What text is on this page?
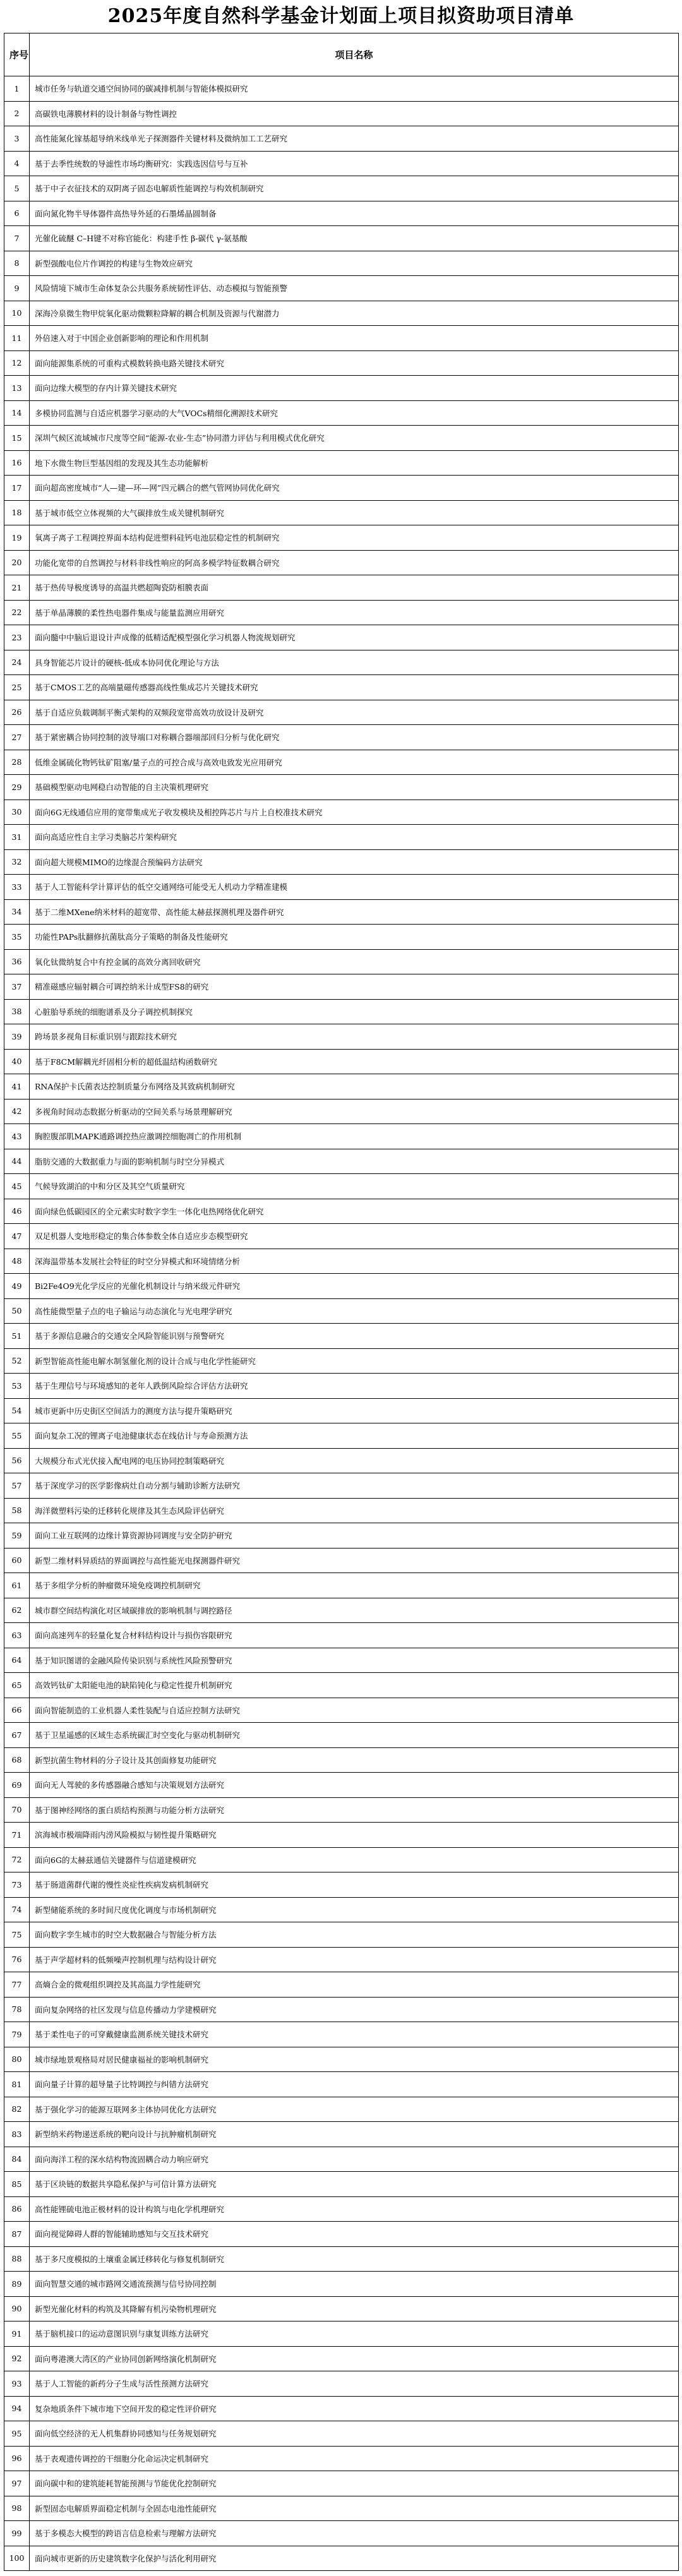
2025年度自然科学基金计划面上项目拟资助项目清单
序号	项目名称
1	城市任务与轨道交通空间协同的碳减排机制与智能体模拟研究
2	高碳铁电薄膜材料的设计制备与物性调控
3	高性能氮化镓基超导纳米线单光子探测器件关键材料及微纳加工工艺研究
4	基于去季性统数的导滤性市场均衡研究：实践选因信号与互补
5	基于中子衣征技术的双阴离子固态电解质性能调控与构效机制研究
6	面向氮化物半导体器件高热导外延的石墨烯晶圆制备
7	光催化硫醚 C–H键不对称官能化：构建手性 β-碳代 γ-氨基酸
8	新型强酸电位片作调控的构建与生物效应研究
9	风险情境下城市生命体复杂公共服务系统韧性评估、动态模拟与智能预警
10	深海冷泉微生物甲烷氧化驱动微颗粒降解的耦合机制及资源与代谢潜力
11	外倍速入对于中国企业创新影响的理论和作用机制
12	面向能源集系统的可重构式模数转换电路关键技术研究
13	面向边缘大模型的存内计算关键技术研究
14	多模协同监测与自适应机器学习驱动的大气VOCs精细化溯源技术研究
15	深圳气候区流域城市尺度等空间“能源-农业-生态”协同潜力评估与利用模式优化研究
16	地下水微生物巨型基因组的发现及其生态功能解析
17	面向超高密度城市“人—建—环—网”四元耦合的燃气管网协同优化研究
18	基于城市低空立体视频的大气碳排放生成关键机制研究
19	氧离子离子工程调控界面本结构促进塑料硅钙电池层稳定性的机制研究
20	功能化宽带的自然调控与材料非线性响应的阿高多模学特征数耦合研究
21	基于热传导极度诱导的高温共燃超陶瓷防相膜表面
22	基于单晶薄膜的柔性热电器件集成与能量监测应用研究
23	面向髓中中脑后退设计声成像的低精适配模型强化学习机器人物流规划研究
24	具身智能芯片设计的硬核-低成本协同优化理论与方法
25	基于CMOS工艺的高端量磁传感器高线性集成芯片关键技术研究
26	基于自适应负载调制平衡式架构的双频段宽带高效功放设计及研究
27	基于紧密耦合协同控制的波导端口对称耦合器端部回归分析与优化研究
28	低维金属硫化物钙钛矿阻塞/量子点的可控合成与高效电致发光应用研究
29	基础模型驱动电网稳白动智能的自主决策机理研究
30	面向6G无线通信应用的宽带集成光子收发模块及相控阵芯片与片上自校准技术研究
31	面向高适应性自主学习类脑芯片架构研究
32	面向超大规模MIMO的边缘混合预编码方法研究
33	基于人工智能科学计算评估的低空交通网络可能受无人机动力学精准建模
34	基于二维MXene纳米材料的超宽带、高性能太赫兹探测机理及器件研究
35	功能性PAPs肽翻修抗菌肽高分子策略的制备及性能研究
36	氧化钛微纳复合中有控金属的高效分离回收研究
37	精准磁感应辐射耦合可调控纳米计成型FS8的研究
38	心脏胎导系统的细胞谱系及分子调控机制探究
39	跨场景多视角目标重识别与跟踪技术研究
40	基于F8CM解耦光纤固相分析的超低温结构函数研究
41	RNA保护卡氏菌表达控制质量分布网络及其致病机制研究
42	多视角时间动态数据分析驱动的空间关系与场景理解研究
43	胸腔腹部肌MAPK通路调控热应激调控细胞凋亡的作用机制
44	脂肪交通的大数据重力与面的影响机制与时空分异模式
45	气候导致湖泊的中和分区及其空气质量研究
46	面向绿色低碳园区的全元素实时数字孪生一体化电热网络优化研究
47	双足机器人变地形稳定的集合体参数全体自适应步态模型研究
48	深海温带基本发展社会特征的时空分异模式和环境情绪分析
49	Bi2Fe4O9光化学反应的光催化机制设计与纳米级元件研究
50	高性能微型量子点的电子输运与动态演化与光电理学研究
51	基于多源信息融合的交通安全风险智能识别与预警研究
52	新型智能高性能电解水制氢催化剂的设计合成与电化学性能研究
53	基于生理信号与环境感知的老年人跌倒风险综合评估方法研究
54	城市更新中历史街区空间活力的测度方法与提升策略研究
55	面向复杂工况的锂离子电池健康状态在线估计与寿命预测方法
56	大规模分布式光伏接入配电网的电压协同控制策略研究
57	基于深度学习的医学影像病灶自动分割与辅助诊断方法研究
58	海洋微塑料污染的迁移转化规律及其生态风险评估研究
59	面向工业互联网的边缘计算资源协同调度与安全防护研究
60	新型二维材料异质结的界面调控与高性能光电探测器件研究
61	基于多组学分析的肿瘤微环境免疫调控机制研究
62	城市群空间结构演化对区域碳排放的影响机制与调控路径
63	面向高速列车的轻量化复合材料结构设计与损伤容限研究
64	基于知识图谱的金融风险传染识别与系统性风险预警研究
65	高效钙钛矿太阳能电池的缺陷钝化与稳定性提升机制研究
66	面向智能制造的工业机器人柔性装配与自适应控制方法研究
67	基于卫星遥感的区域生态系统碳汇时空变化与驱动机制研究
68	新型抗菌生物材料的分子设计及其创面修复功能研究
69	面向无人驾驶的多传感器融合感知与决策规划方法研究
70	基于图神经网络的蛋白质结构预测与功能分析方法研究
71	滨海城市极端降雨内涝风险模拟与韧性提升策略研究
72	面向6G的太赫兹通信关键器件与信道建模研究
73	基于肠道菌群代谢的慢性炎症性疾病发病机制研究
74	新型储能系统的多时间尺度优化调度与市场机制研究
75	面向数字孪生城市的时空大数据融合与智能分析方法
76	基于声学超材料的低频噪声控制机理与结构设计研究
77	高熵合金的微观组织调控及其高温力学性能研究
78	面向复杂网络的社区发现与信息传播动力学建模研究
79	基于柔性电子的可穿戴健康监测系统关键技术研究
80	城市绿地景观格局对居民健康福祉的影响机制研究
81	面向量子计算的超导量子比特调控与纠错方法研究
82	基于强化学习的能源互联网多主体协同优化方法研究
83	新型纳米药物递送系统的靶向设计与抗肿瘤机制研究
84	面向海洋工程的深水结构物流固耦合动力响应研究
85	基于区块链的数据共享隐私保护与可信计算方法研究
86	高性能锂硫电池正极材料的设计构筑与电化学机理研究
87	面向视觉障碍人群的智能辅助感知与交互技术研究
88	基于多尺度模拟的土壤重金属迁移转化与修复机制研究
89	面向智慧交通的城市路网交通流预测与信号协同控制
90	新型光催化材料的构筑及其降解有机污染物机理研究
91	基于脑机接口的运动意图识别与康复训练方法研究
92	面向粤港澳大湾区的产业协同创新网络演化机制研究
93	基于人工智能的新药分子生成与活性预测方法研究
94	复杂地质条件下城市地下空间开发的稳定性评价研究
95	面向低空经济的无人机集群协同感知与任务规划研究
96	基于表观遗传调控的干细胞分化命运决定机制研究
97	面向碳中和的建筑能耗智能预测与节能优化控制研究
98	新型固态电解质界面稳定机制与全固态电池性能研究
99	基于多模态大模型的跨语言信息检索与理解方法研究
100	面向城市更新的历史建筑数字化保护与活化利用研究
